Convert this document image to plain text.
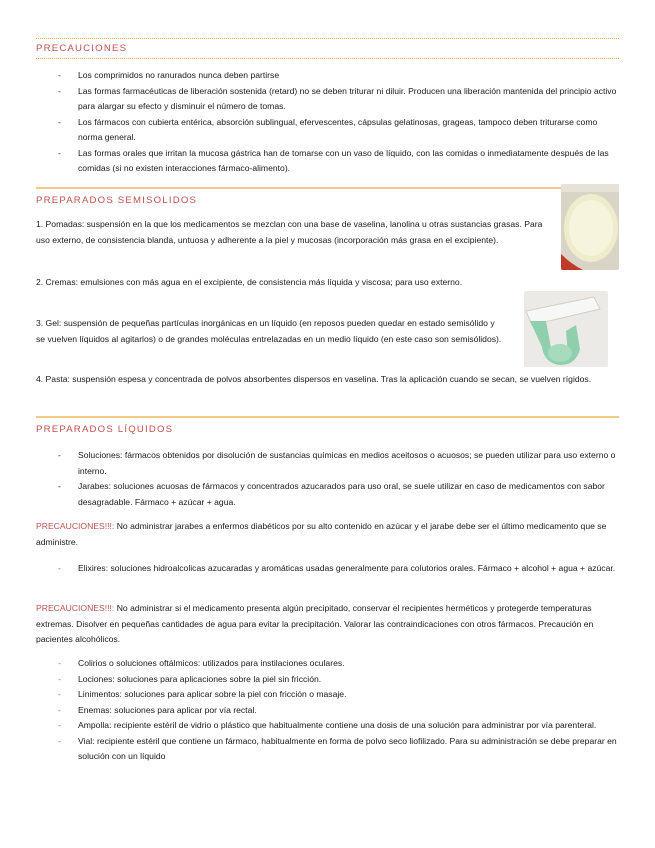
PRECAUCIONES
- Los comprimidos no ranurados nunca deben partirse
- Las formas farmacéuticas de liberación sostenida (retard) no se deben triturar ni diluir. Producen una liberación mantenida del principio activo para alargar su efecto y disminuir el número de tomas.
- Los fármacos con cubierta entérica, absorción sublingual, efervescentes, cápsulas gelatinosas, grageas, tampoco deben triturarse como norma general.
- Las formas orales que irritan la mucosa gástrica han de tomarse con un vaso de líquido, con las comidas o inmediatamente después de las comidas (si no existen interacciones fármaco-alimento).
PREPARADOS SEMISOLIDOS
1. Pomadas: suspensión en la que los medicamentos se mezclan con una base de vaselina, lanolina u otras sustancias grasas. Para uso externo, de consistencia blanda, untuosa y adherente a la piel y mucosas (incorporación más grasa en el excipiente).
2. Cremas: emulsiones con más agua en el excipiente, de consistencia más líquida y viscosa; para uso externo.
3. Gel: suspensión de pequeñas partículas inorgánicas en un líquido (en reposos pueden quedar en estado semisólido y se vuelven líquidos al agitarlos) o de grandes moléculas entrelazadas en un medio líquido (en este caso son semisólidos).
4. Pasta: suspensión espesa y concentrada de polvos absorbentes dispersos en vaselina. Tras la aplicación cuando se secan, se vuelven rígidos.
PREPARADOS LÍQUIDOS
- Soluciones: fármacos obtenidos por disolución de sustancias químicas en medios aceitosos o acuosos; se pueden utilizar para uso externo o interno.
- Jarabes: soluciones acuosas de fármacos y concentrados azucarados para uso oral, se suele utilizar en caso de medicamentos con sabor desagradable. Fármaco + azúcar + agua.

PRECAUCIONES!!!: No administrar jarabes a enfermos diabéticos por su alto contenido en azúcar y el jarabe debe ser el último medicamento que se administre.

- Elixires: soluciones hidroalcolicas azucaradas y aromáticas usadas generalmente para colutorios orales. Fármaco + alcohol + agua + azúcar.

PRECAUCIONES!!!: No administrar si el medicamento presenta algún precipitado, conservar el recipientes herméticos y protegerde temperaturas extremas. Disolver en pequeñas cantidades de agua para evitar la precipitación. Valorar las contraindicaciones con otros fármacos. Precaución en pacientes alcohólicos.

- Colirios o soluciones oftálmicos: utilizados para instilaciones oculares.
- Lociones: soluciones para aplicaciones sobre la piel sin fricción.
- Linimentos: soluciones para aplicar sobre la piel con fricción o masaje.
- Enemas: soluciones para aplicar por vía rectal.
- Ampolla: recipiente estéril de vidrio o plástico que habitualmente contiene una dosis de una solución para administrar por vía parenteral.
- Vial: recipiente estéril que contiene un fármaco, habitualmente en forma de polvo seco liofilizado. Para su administración se debe preparar en solución con un líquido
